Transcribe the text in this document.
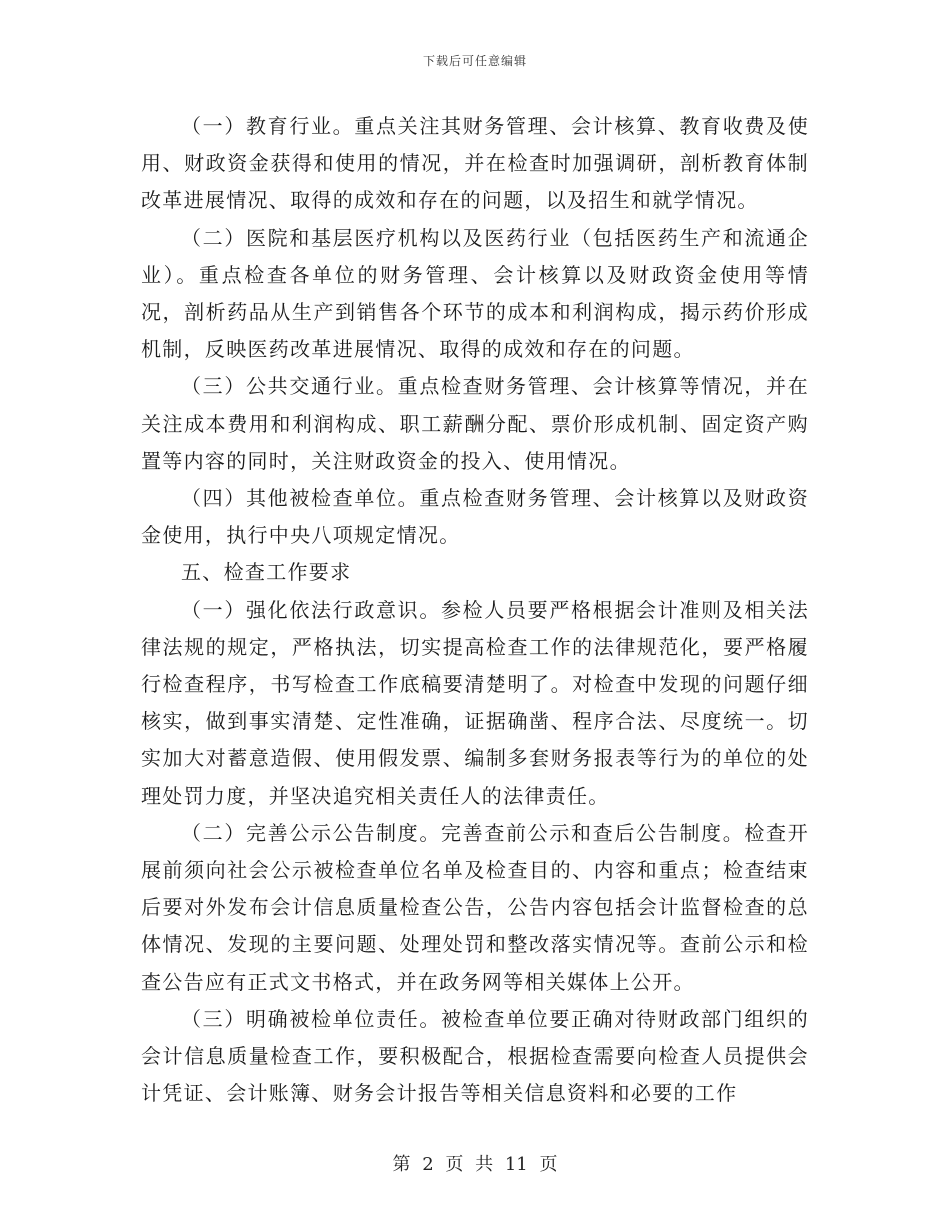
下载后可任意编辑

（一）教育行业。重点关注其财务管理、会计核算、教育收费及使用、财政资金获得和使用的情况，并在检查时加强调研，剖析教育体制改革进展情况、取得的成效和存在的问题，以及招生和就学情况。

（二）医院和基层医疗机构以及医药行业（包括医药生产和流通企业）。重点检查各单位的财务管理、会计核算以及财政资金使用等情况，剖析药品从生产到销售各个环节的成本和利润构成，揭示药价形成机制，反映医药改革进展情况、取得的成效和存在的问题。

（三）公共交通行业。重点检查财务管理、会计核算等情况，并在关注成本费用和利润构成、职工薪酬分配、票价形成机制、固定资产购置等内容的同时，关注财政资金的投入、使用情况。

（四）其他被检查单位。重点检查财务管理、会计核算以及财政资金使用，执行中央八项规定情况。

五、检查工作要求

（一）强化依法行政意识。参检人员要严格根据会计准则及相关法律法规的规定，严格执法，切实提高检查工作的法律规范化，要严格履行检查程序，书写检查工作底稿要清楚明了。对检查中发现的问题仔细核实，做到事实清楚、定性准确，证据确凿、程序合法、尽度统一。切实加大对蓄意造假、使用假发票、编制多套财务报表等行为的单位的处理处罚力度，并坚决追究相关责任人的法律责任。

（二）完善公示公告制度。完善查前公示和查后公告制度。检查开展前须向社会公示被检查单位名单及检查目的、内容和重点；检查结束后要对外发布会计信息质量检查公告，公告内容包括会计监督检查的总体情况、发现的主要问题、处理处罚和整改落实情况等。查前公示和检查公告应有正式文书格式，并在政务网等相关媒体上公开。

（三）明确被检单位责任。被检查单位要正确对待财政部门组织的会计信息质量检查工作，要积极配合，根据检查需要向检查人员提供会计凭证、会计账簿、财务会计报告等相关信息资料和必要的工作

第 2 页 共 11 页
